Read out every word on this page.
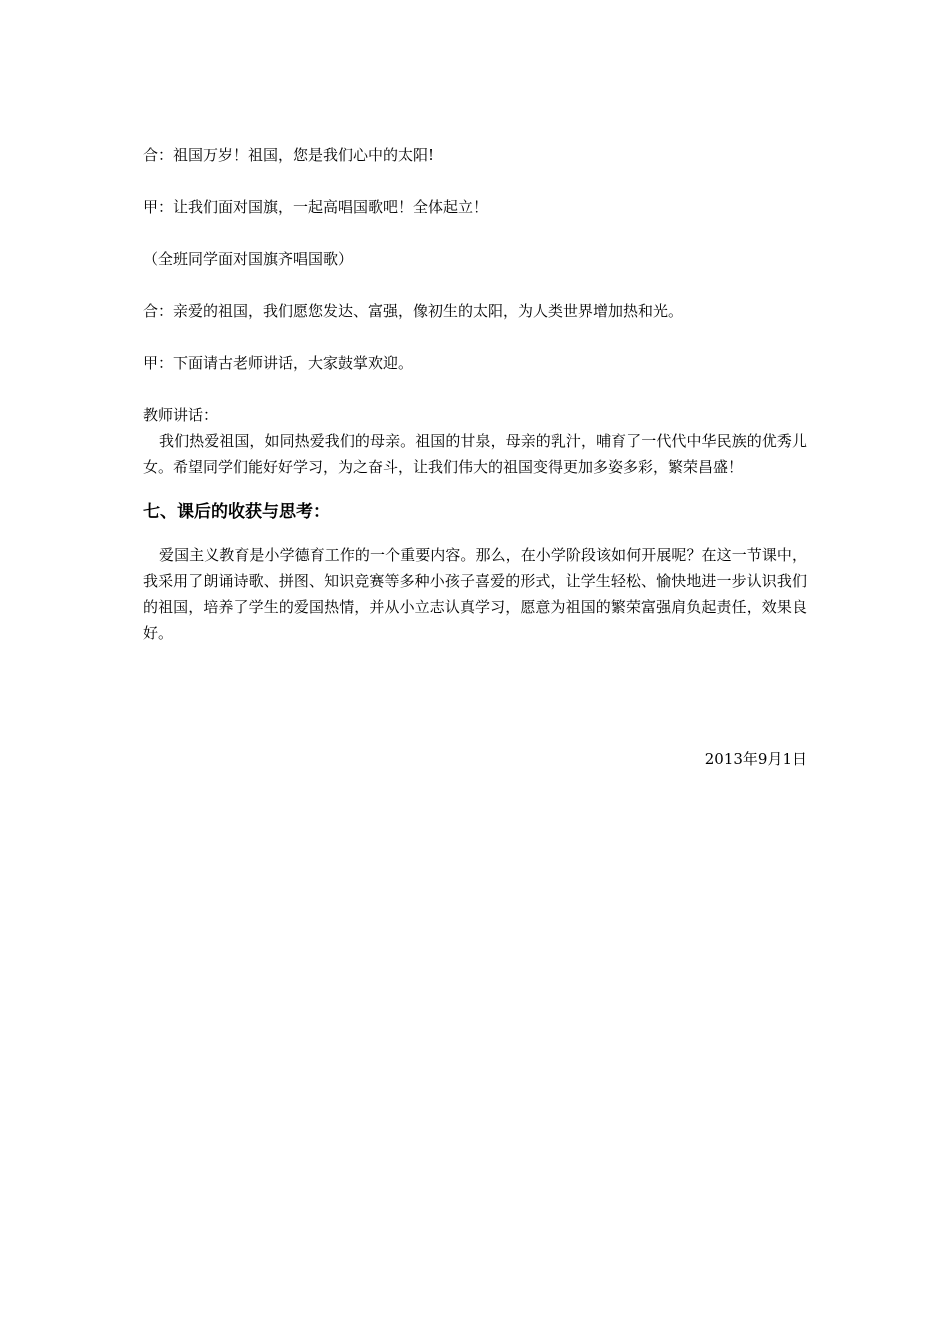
合：祖国万岁！祖国，您是我们心中的太阳!

甲：让我们面对国旗，一起高唱国歌吧！全体起立！

（全班同学面对国旗齐唱国歌）

合：亲爱的祖国，我们愿您发达、富强，像初生的太阳，为人类世界增加热和光。

甲：下面请古老师讲话，大家鼓掌欢迎。

教师讲话：

我们热爱祖国，如同热爱我们的母亲。祖国的甘泉，母亲的乳汁，哺育了一代代中华民族的优秀儿女。希望同学们能好好学习，为之奋斗，让我们伟大的祖国变得更加多姿多彩，繁荣昌盛！

七、课后的收获与思考：

爱国主义教育是小学德育工作的一个重要内容。那么，在小学阶段该如何开展呢？在这一节课中，我采用了朗诵诗歌、拼图、知识竞赛等多种小孩子喜爱的形式，让学生轻松、愉快地进一步认识我们的祖国，培养了学生的爱国热情，并从小立志认真学习，愿意为祖国的繁荣富强肩负起责任，效果良好。

2013年9月1日
